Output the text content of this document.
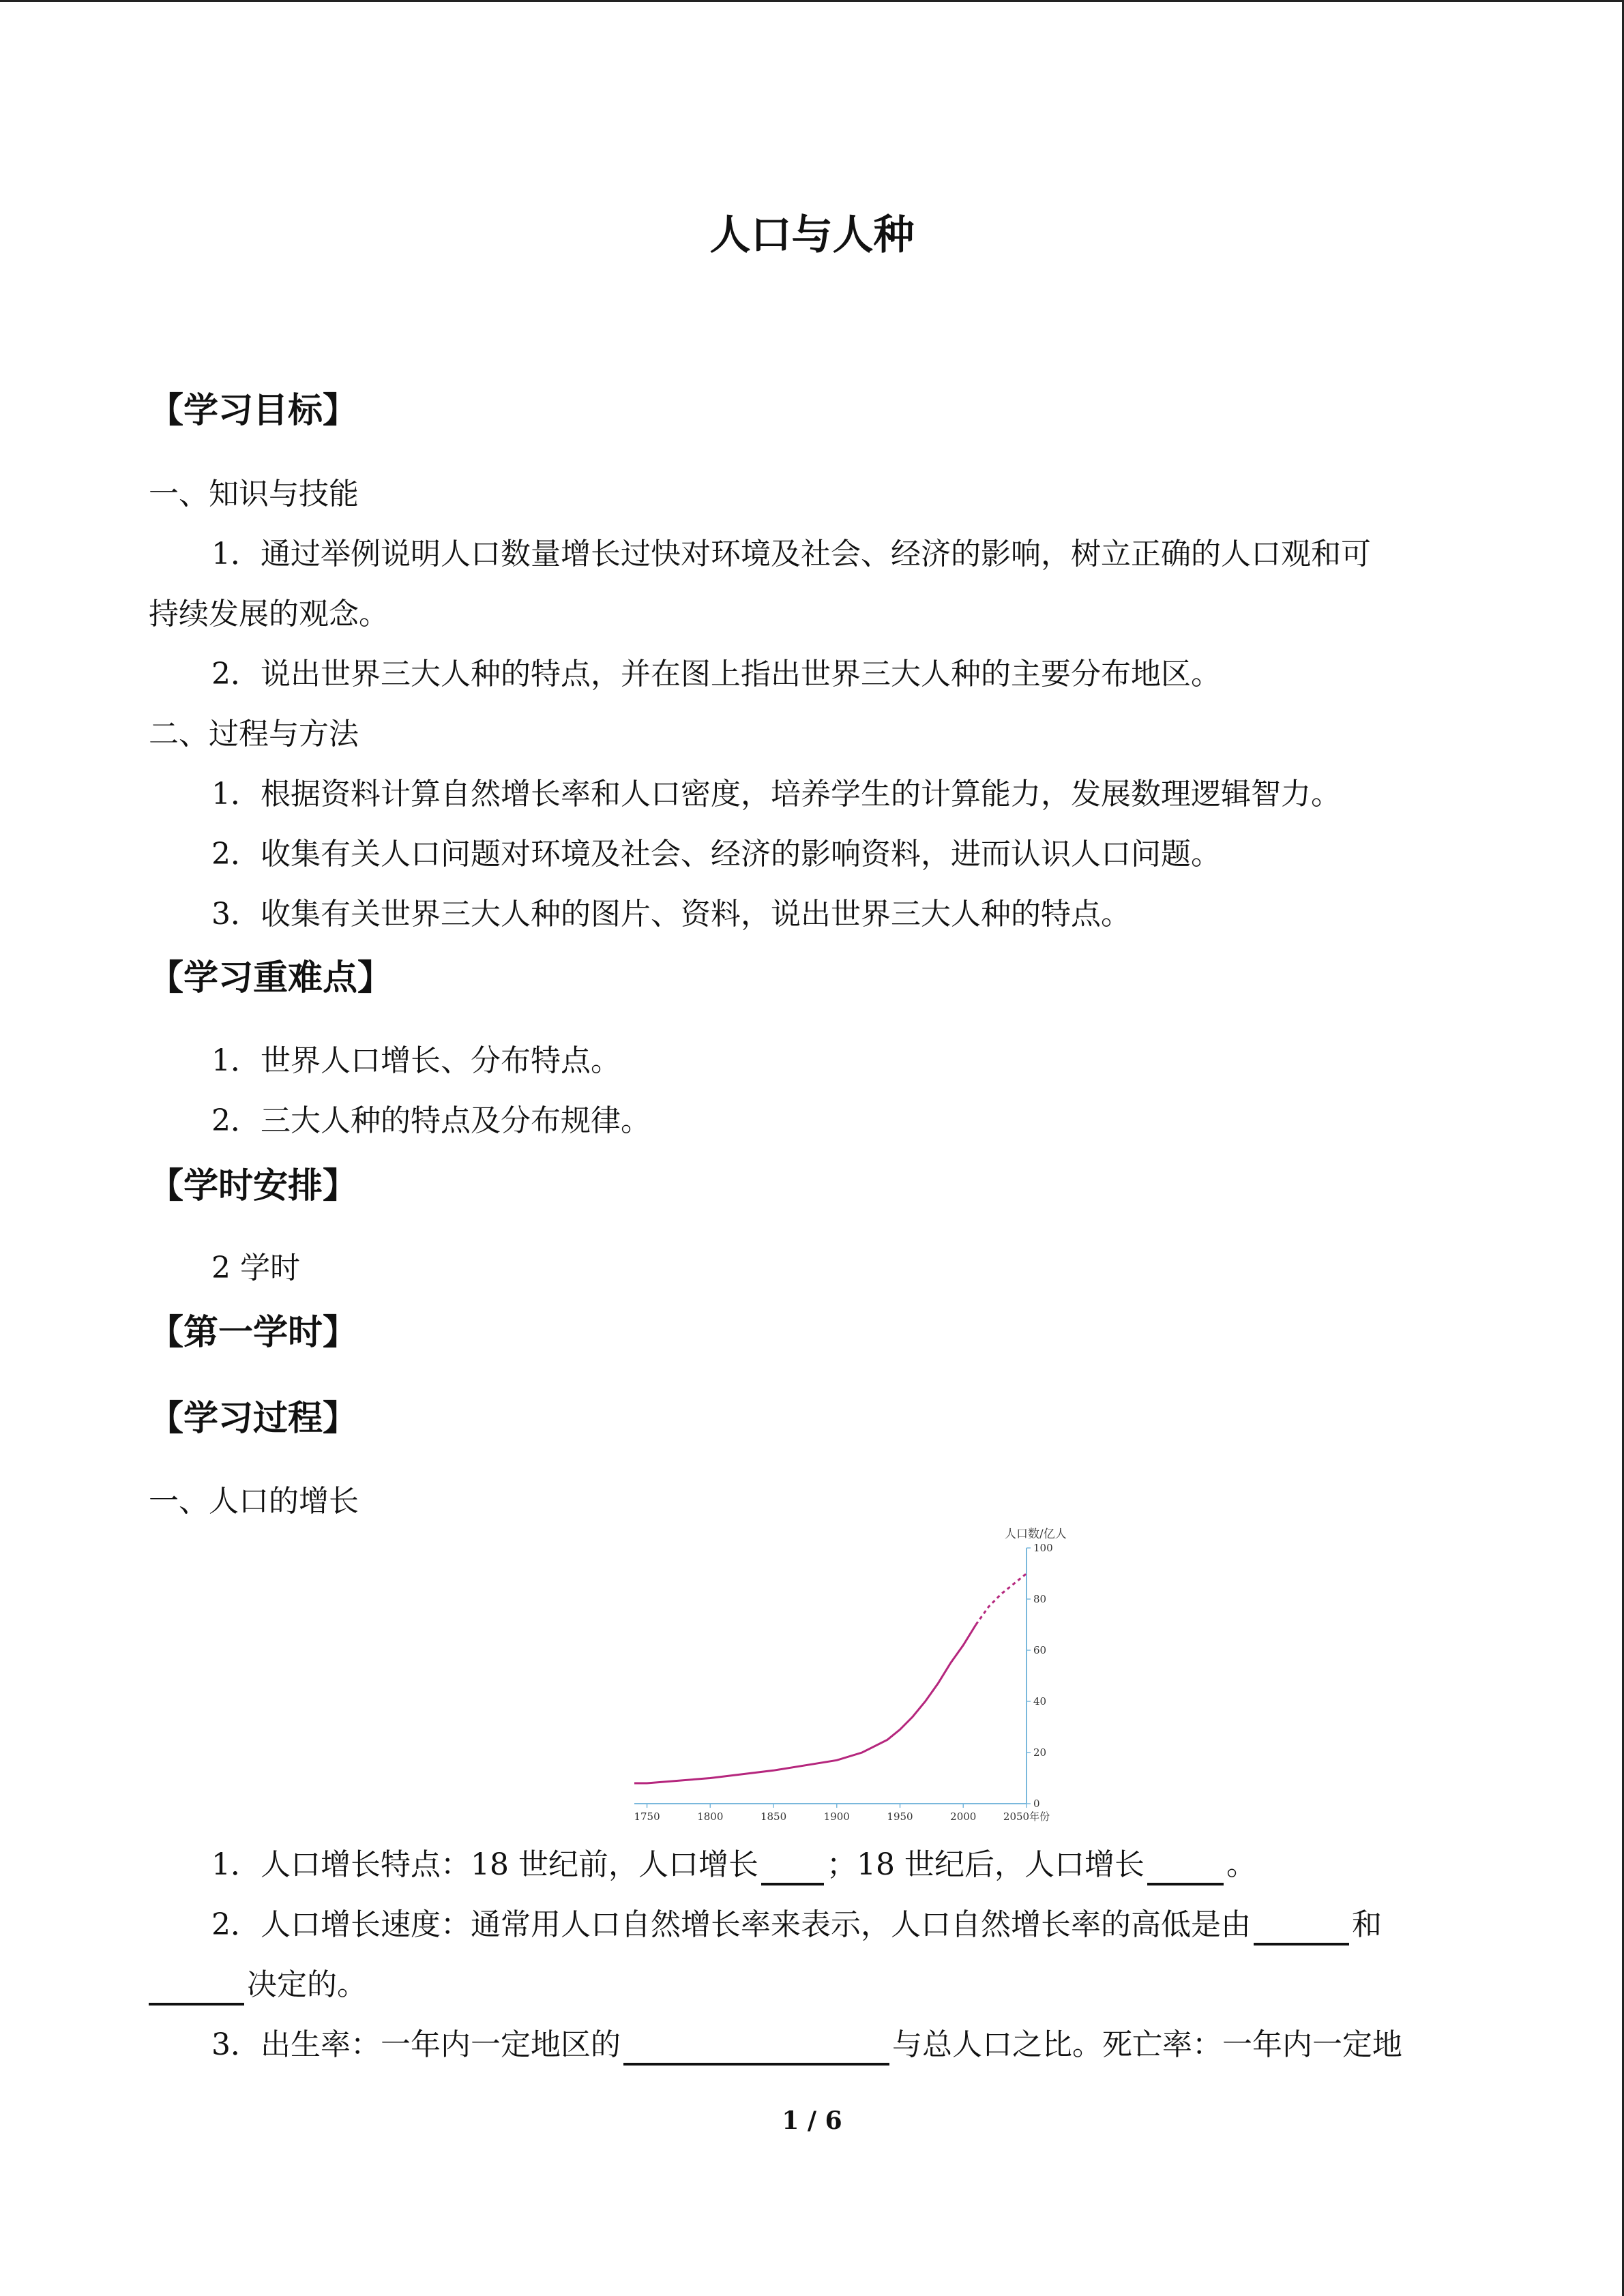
人口与人种
【学习目标】
一、知识与技能
1．通过举例说明人口数量增长过快对环境及社会、经济的影响，树立正确的人口观和可
持续发展的观念。
2．说出世界三大人种的特点，并在图上指出世界三大人种的主要分布地区。
二、过程与方法
1．根据资料计算自然增长率和人口密度，培养学生的计算能力，发展数理逻辑智力。
2．收集有关人口问题对环境及社会、经济的影响资料，进而认识人口问题。
3．收集有关世界三大人种的图片、资料，说出世界三大人种的特点。
【学习重难点】
1．世界人口增长、分布特点。
2．三大人种的特点及分布规律。
【学时安排】
2 学时
【第一学时】
【学习过程】
一、人口的增长
1750	1800	1850	1900	1950	2000	2050年份
0
20
40
60
80
100
人口数/亿人
1．人口增长特点：18 世纪前，人口增长 ；18 世纪后，人口增长	。
2．人口增长速度：通常用人口自然增长率来表示，人口自然增长率的高低是由	和
决定的。
3．出生率：一年内一定地区的	与总人口之比。死亡率：一年内一定地
1 / 6
